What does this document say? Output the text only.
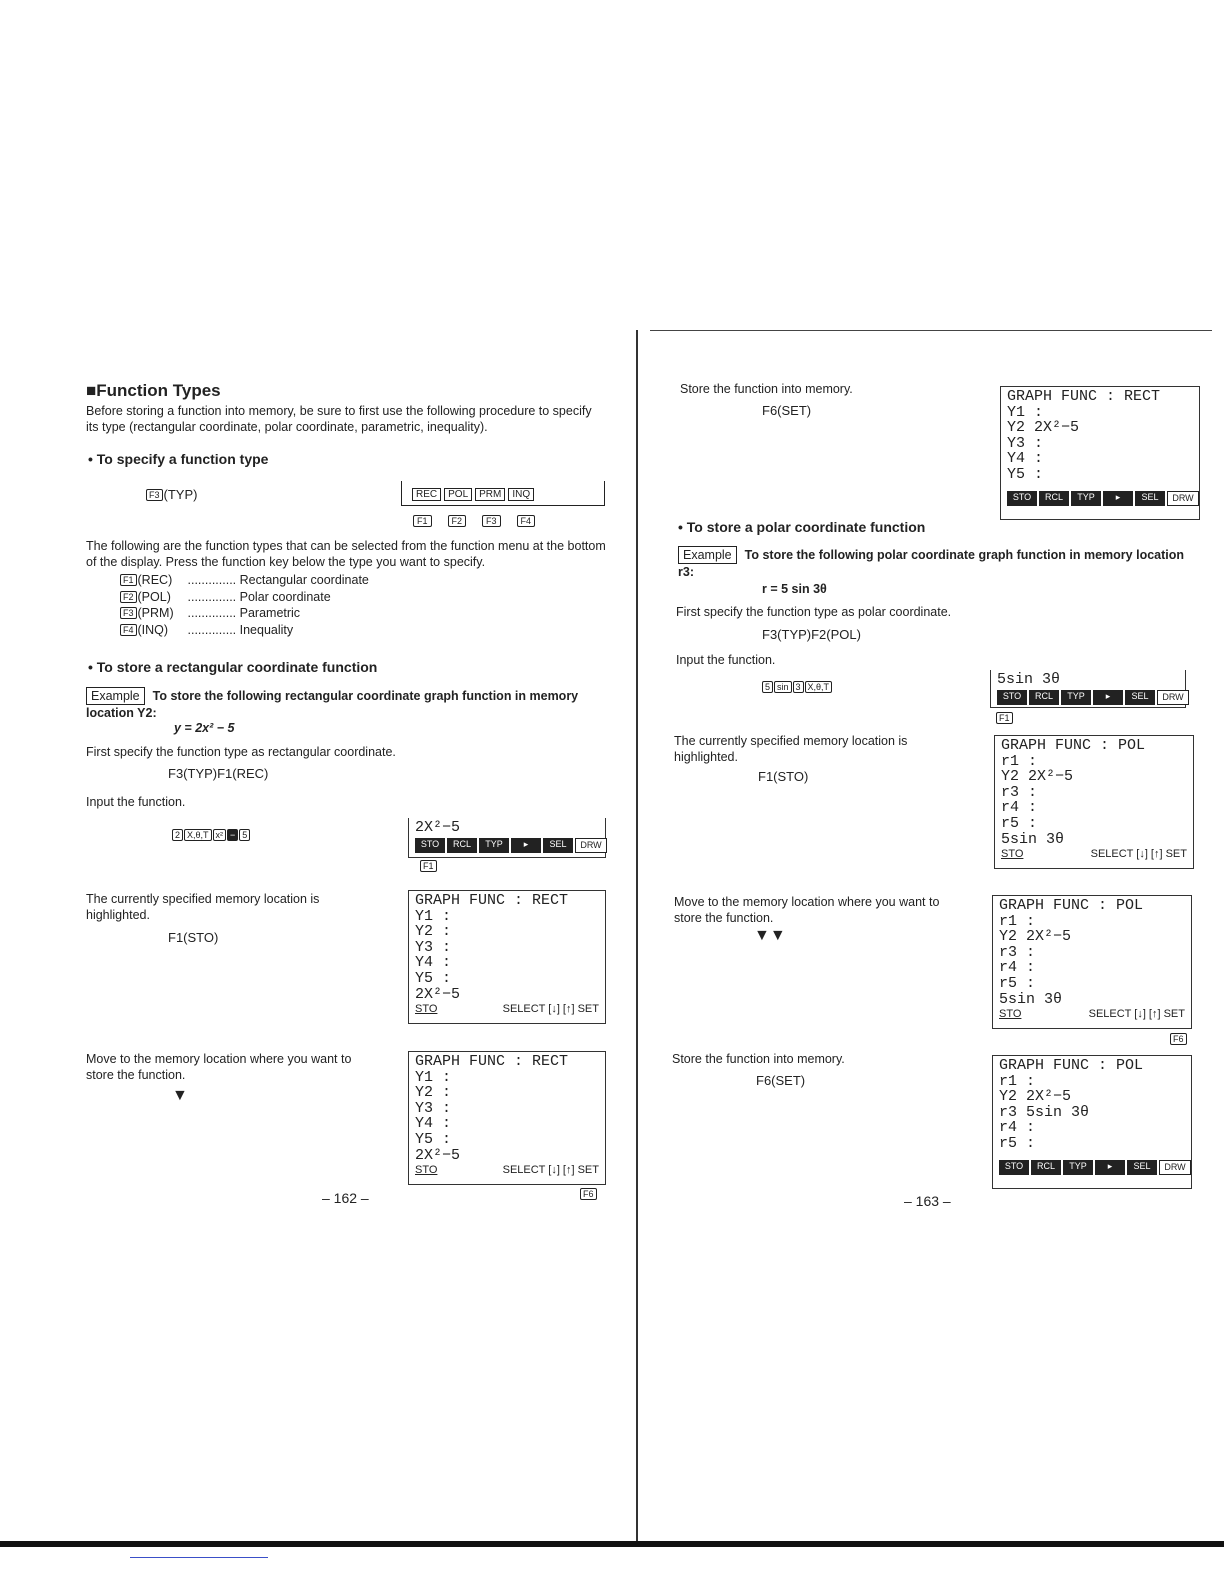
■Function Types

Before storing a function into memory, be sure to first use the following procedure to specify its type (rectangular coordinate, polar coordinate, parametric, inequality).

• To specify a function type

F3 (TYP)	REC POL PRM INQ
F1	F2	F3	F4

The following are the function types that can be selected from the function menu at the bottom of the display. Press the function key below the type you want to specify.

F1 (REC) .............. Rectangular coordinate
F2 (POL) .............. Polar coordinate
F3 (PRM) .............. Parametric
F4 (INQ) .............. Inequality
• To store a rectangular coordinate function

Example To store the following rectangular coordinate graph function in memory location Y2:

y = 2x² − 5

First specify the function type as rectangular coordinate.

F3(TYP)F1(REC)

Input the function.

2 X,θ,T x² − 5	2X²−5
STO	RCL	TYP	▸	SEL	DRW
F1

The currently specified memory location is highlighted.

F1(STO)

GRAPH FUNC : RECT
Y1 :
Y2 :
Y3 :
Y4 :
Y5 :
2X²−5
STO	SELECT [↓] [↑] SET

Move to the memory location where you want to store the function.

▼

GRAPH FUNC : RECT
Y1 :
Y2 :
Y3 :
Y4 :
Y5 :
2X²−5
STO	SELECT [↓] [↑] SET
F6
– 162 –

Store the function into memory.

F6(SET)

GRAPH FUNC : RECT
Y1 :
Y2 2X²−5
Y3 :
Y4 :
Y5 :
STO	RCL	TYP	▸	SEL	DRW
• To store a polar coordinate function

Example To store the following polar coordinate graph function in memory location r3:

r = 5 sin 3θ

First specify the function type as polar coordinate.

F3(TYP)F2(POL)

Input the function.

5 sin 3 X,θ,T	5sin 3θ
STO	RCL	TYP	▸	SEL	DRW
F1

The currently specified memory location is highlighted.

F1(STO)

GRAPH FUNC : POL
r1 :
Y2 2X²−5
r3 :
r4 :
r5 :
5sin 3θ
STO	SELECT [↓] [↑] SET

Move to the memory location where you want to store the function.

▼▼

GRAPH FUNC : POL
r1 :
Y2 2X²−5
r3 :
r4 :
r5 :
5sin 3θ
STO	SELECT [↓] [↑] SET
F6

Store the function into memory.

F6(SET)

GRAPH FUNC : POL
r1 :
Y2 2X²−5
r3 5sin 3θ
r4 :
r5 :
STO	RCL	TYP	▸	SEL	DRW
– 163 –
